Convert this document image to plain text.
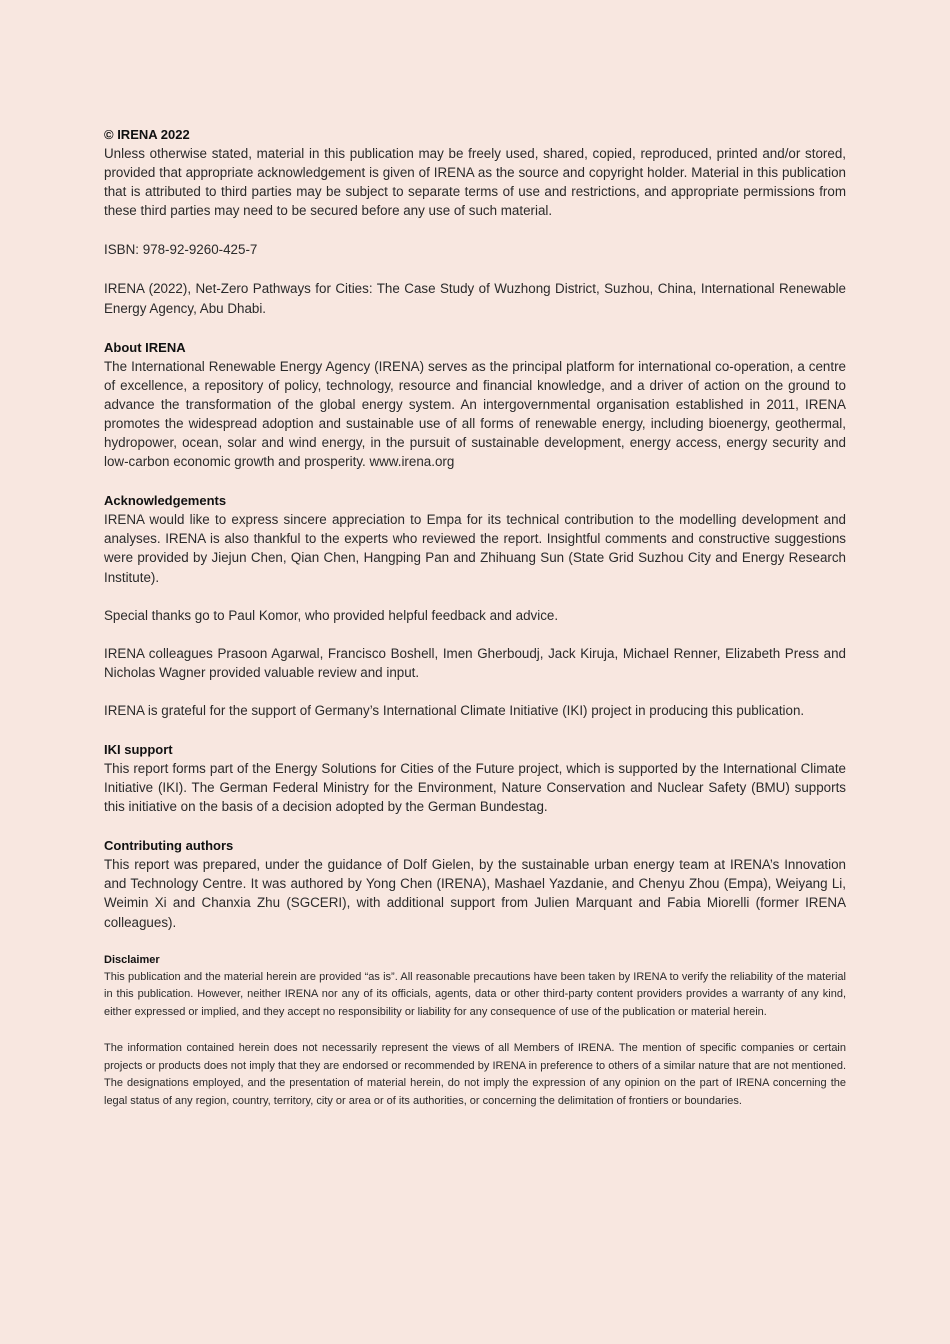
© IRENA 2022

Unless otherwise stated, material in this publication may be freely used, shared, copied, reproduced, printed and/or stored, provided that appropriate acknowledgement is given of IRENA as the source and copyright holder. Material in this publication that is attributed to third parties may be subject to separate terms of use and restrictions, and appropriate permissions from these third parties may need to be secured before any use of such material.

ISBN: 978-92-9260-425-7

IRENA (2022), Net-Zero Pathways for Cities: The Case Study of Wuzhong District, Suzhou, China, International Renewable Energy Agency, Abu Dhabi.

About IRENA

The International Renewable Energy Agency (IRENA) serves as the principal platform for international co-operation, a centre of excellence, a repository of policy, technology, resource and financial knowledge, and a driver of action on the ground to advance the transformation of the global energy system. An intergovernmental organisation established in 2011, IRENA promotes the widespread adoption and sustainable use of all forms of renewable energy, including bioenergy, geothermal, hydropower, ocean, solar and wind energy, in the pursuit of sustainable development, energy access, energy security and low-carbon economic growth and prosperity. www.irena.org

Acknowledgements

IRENA would like to express sincere appreciation to Empa for its technical contribution to the modelling development and analyses. IRENA is also thankful to the experts who reviewed the report. Insightful comments and constructive suggestions were provided by Jiejun Chen, Qian Chen, Hangping Pan and Zhihuang Sun (State Grid Suzhou City and Energy Research Institute).

Special thanks go to Paul Komor, who provided helpful feedback and advice.

IRENA colleagues Prasoon Agarwal, Francisco Boshell, Imen Gherboudj, Jack Kiruja, Michael Renner, Elizabeth Press and Nicholas Wagner provided valuable review and input.

IRENA is grateful for the support of Germany’s International Climate Initiative (IKI) project in producing this publication.

IKI support

This report forms part of the Energy Solutions for Cities of the Future project, which is supported by the International Climate Initiative (IKI). The German Federal Ministry for the Environment, Nature Conservation and Nuclear Safety (BMU) supports this initiative on the basis of a decision adopted by the German Bundestag.

Contributing authors

This report was prepared, under the guidance of Dolf Gielen, by the sustainable urban energy team at IRENA’s Innovation and Technology Centre. It was authored by Yong Chen (IRENA), Mashael Yazdanie, and Chenyu Zhou (Empa), Weiyang Li, Weimin Xi and Chanxia Zhu (SGCERI), with additional support from Julien Marquant and Fabia Miorelli (former IRENA colleagues).

Disclaimer

This publication and the material herein are provided “as is”. All reasonable precautions have been taken by IRENA to verify the reliability of the material in this publication. However, neither IRENA nor any of its officials, agents, data or other third-party content providers provides a warranty of any kind, either expressed or implied, and they accept no responsibility or liability for any consequence of use of the publication or material herein.

The information contained herein does not necessarily represent the views of all Members of IRENA. The mention of specific companies or certain projects or products does not imply that they are endorsed or recommended by IRENA in preference to others of a similar nature that are not mentioned. The designations employed, and the presentation of material herein, do not imply the expression of any opinion on the part of IRENA concerning the legal status of any region, country, territory, city or area or of its authorities, or concerning the delimitation of frontiers or boundaries.
